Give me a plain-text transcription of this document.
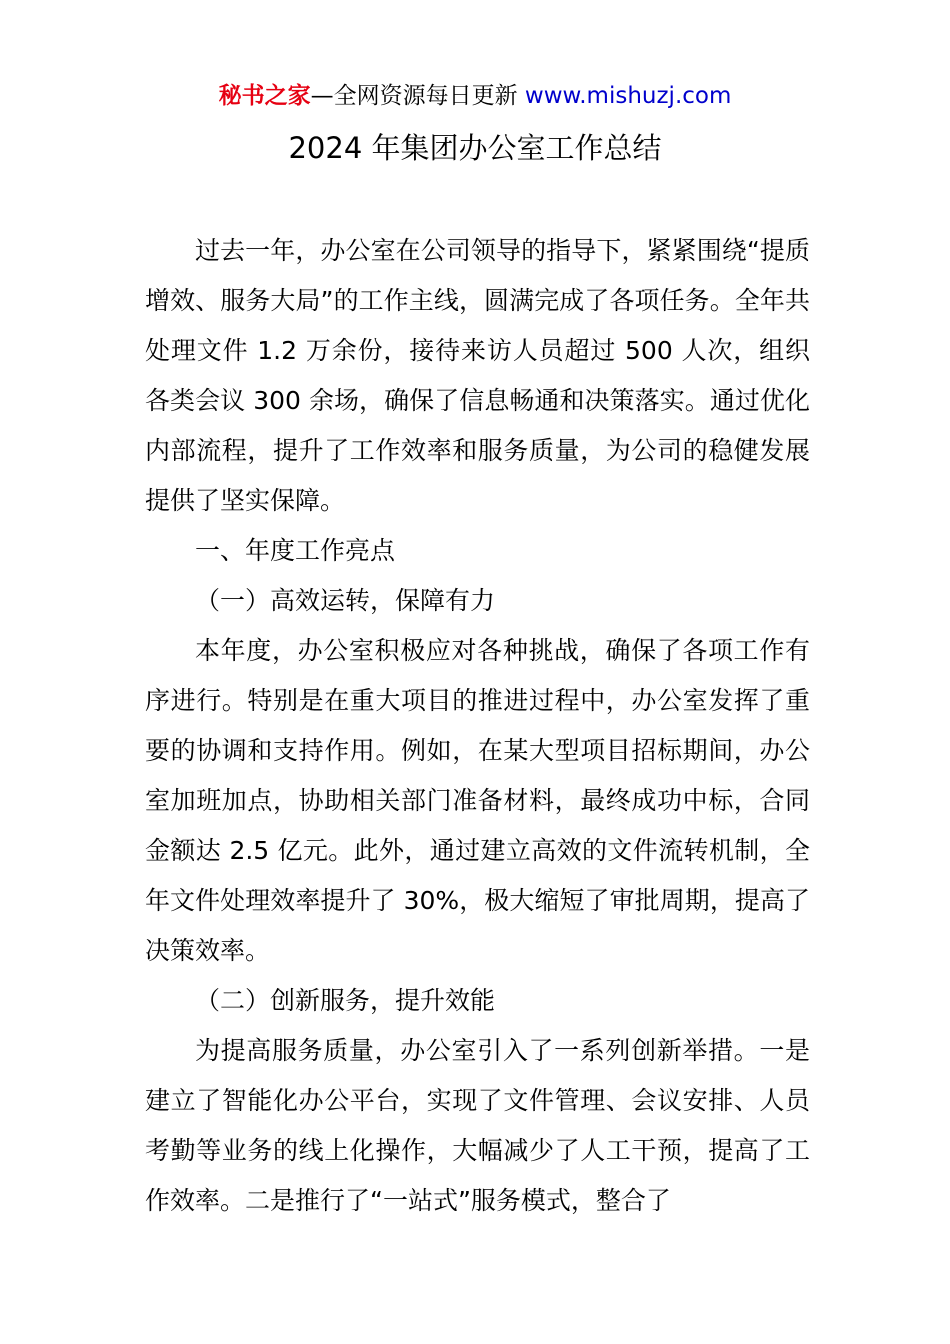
秘书之家—全网资源每日更新 www.mishuzj.com
2024 年集团办公室工作总结

过去一年，办公室在公司领导的指导下，紧紧围绕“提质增效、服务大局”的工作主线，圆满完成了各项任务。全年共处理文件 1.2 万余份，接待来访人员超过 500 人次，组织各类会议 300 余场，确保了信息畅通和决策落实。通过优化内部流程，提升了工作效率和服务质量，为公司的稳健发展提供了坚实保障。

一、年度工作亮点

（一）高效运转，保障有力

本年度，办公室积极应对各种挑战，确保了各项工作有序进行。特别是在重大项目的推进过程中，办公室发挥了重要的协调和支持作用。例如，在某大型项目招标期间，办公室加班加点，协助相关部门准备材料，最终成功中标，合同金额达 2.5 亿元。此外，通过建立高效的文件流转机制，全年文件处理效率提升了 30%，极大缩短了审批周期，提高了决策效率。

（二）创新服务，提升效能

为提高服务质量，办公室引入了一系列创新举措。一是建立了智能化办公平台，实现了文件管理、会议安排、人员考勤等业务的线上化操作，大幅减少了人工干预，提高了工作效率。二是推行了“一站式”服务模式，整合了
